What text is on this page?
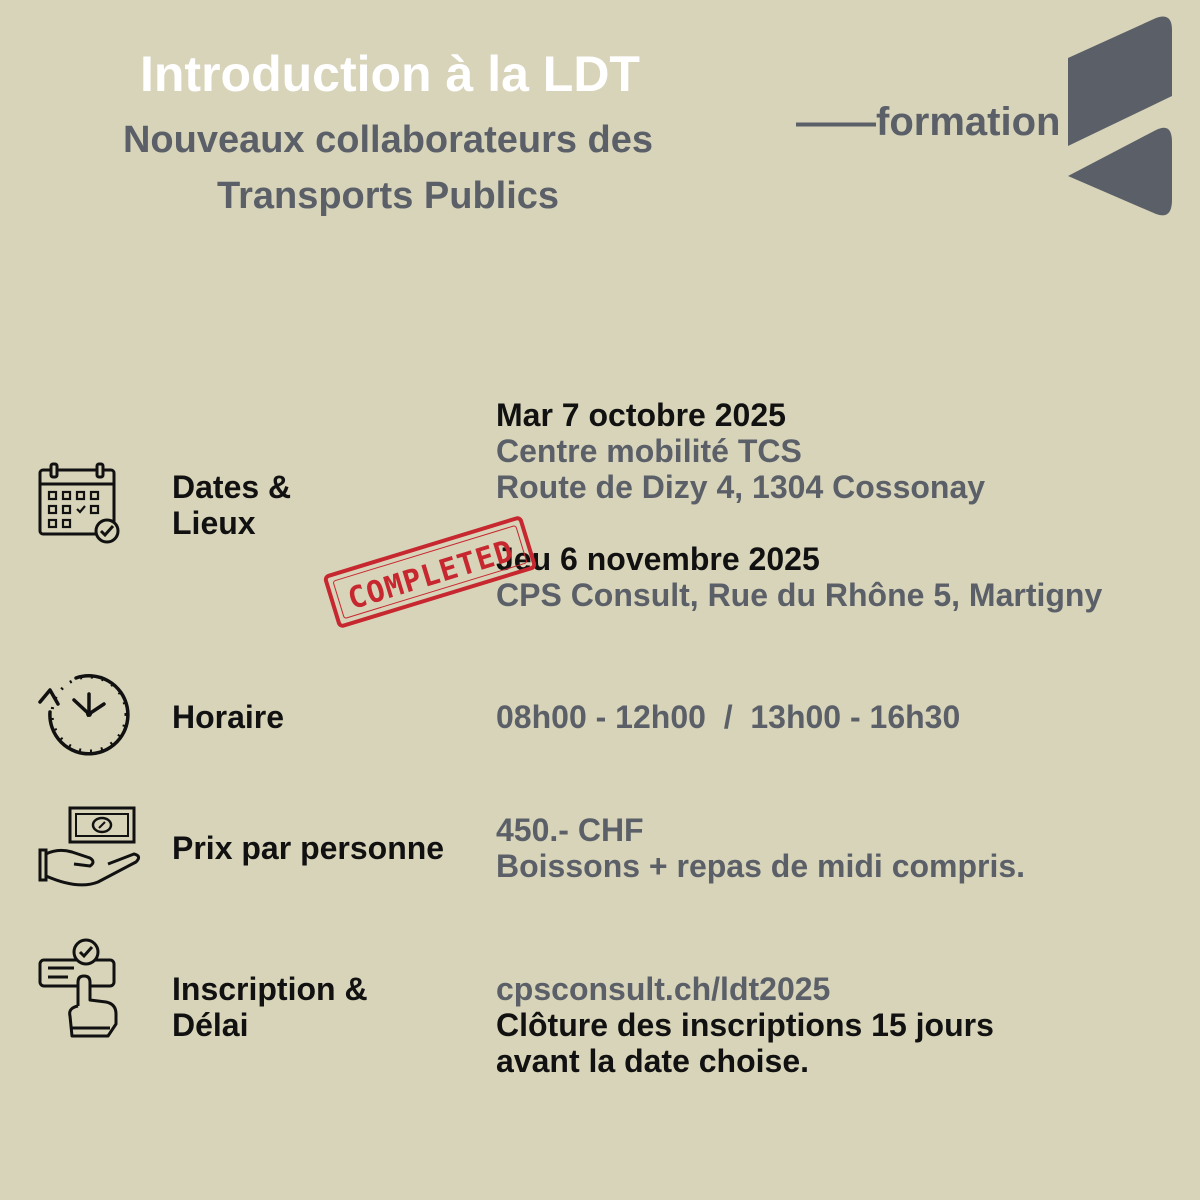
Introduction à la LDT
Nouveaux collaborateurs des
Transports Publics
——formation
Dates &
Lieux
Mar 7 octobre 2025
Centre mobilité TCS
Route de Dizy 4, 1304 Cossonay
Jeu 6 novembre 2025
CPS Consult, Rue du Rhône 5, Martigny
COMPLETED
Horaire	08h00 - 12h00  /  13h00 - 16h30
Prix par personne 450.- CHF
Boissons + repas de midi compris.
Inscription &
Délai
cpsconsult.ch/ldt2025
Clôture des inscriptions 15 jours
avant la date choise.
